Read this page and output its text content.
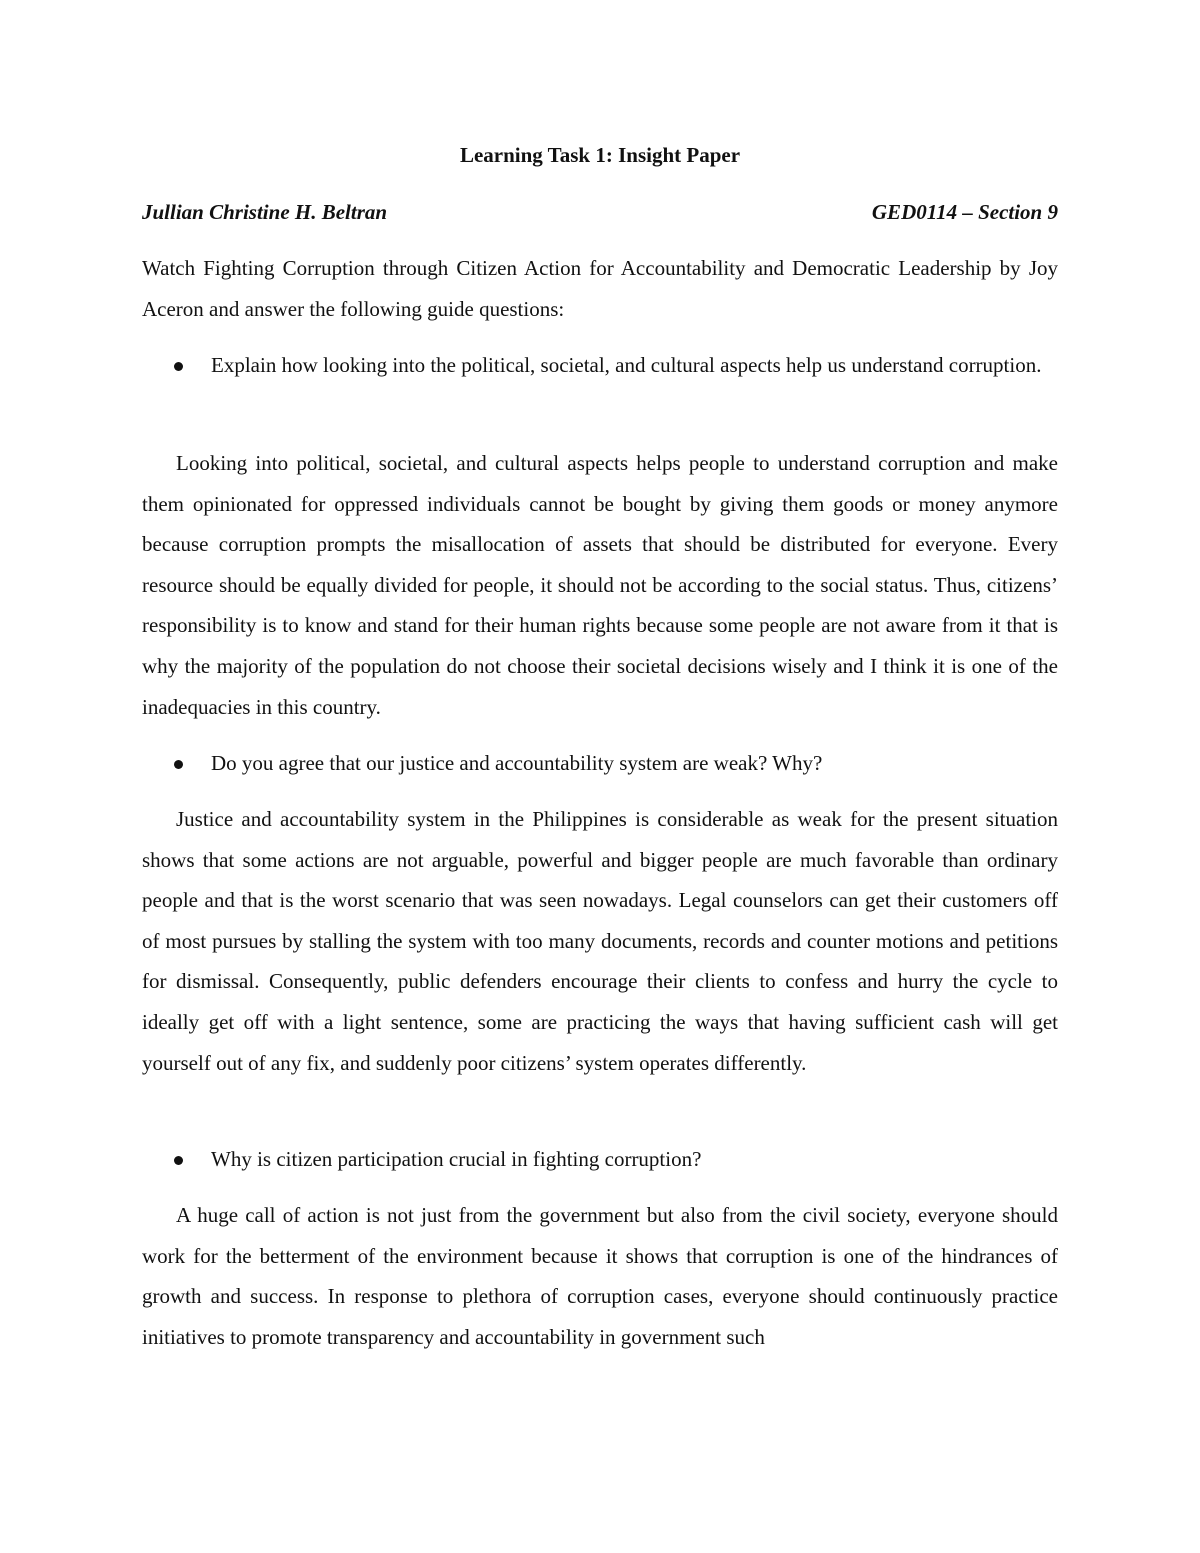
Learning Task 1: Insight Paper
Jullian Christine H. Beltran	GED0114 – Section 9

Watch Fighting Corruption through Citizen Action for Accountability and Democratic Leadership by Joy Aceron and answer the following guide questions:

Explain how looking into the political, societal, and cultural aspects help us understand corruption.

Looking into political, societal, and cultural aspects helps people to understand corruption and make them opinionated for oppressed individuals cannot be bought by giving them goods or money anymore because corruption prompts the misallocation of assets that should be distributed for everyone. Every resource should be equally divided for people, it should not be according to the social status. Thus, citizens’ responsibility is to know and stand for their human rights because some people are not aware from it that is why the majority of the population do not choose their societal decisions wisely and I think it is one of the inadequacies in this country.

Do you agree that our justice and accountability system are weak? Why?

Justice and accountability system in the Philippines is considerable as weak for the present situation shows that some actions are not arguable, powerful and bigger people are much favorable than ordinary people and that is the worst scenario that was seen nowadays. Legal counselors can get their customers off of most pursues by stalling the system with too many documents, records and counter motions and petitions for dismissal. Consequently, public defenders encourage their clients to confess and hurry the cycle to ideally get off with a light sentence, some are practicing the ways that having sufficient cash will get yourself out of any fix, and suddenly poor citizens’ system operates differently.

Why is citizen participation crucial in fighting corruption?

A huge call of action is not just from the government but also from the civil society, everyone should work for the betterment of the environment because it shows that corruption is one of the hindrances of growth and success. In response to plethora of corruption cases, everyone should continuously practice initiatives to promote transparency and accountability in government such
